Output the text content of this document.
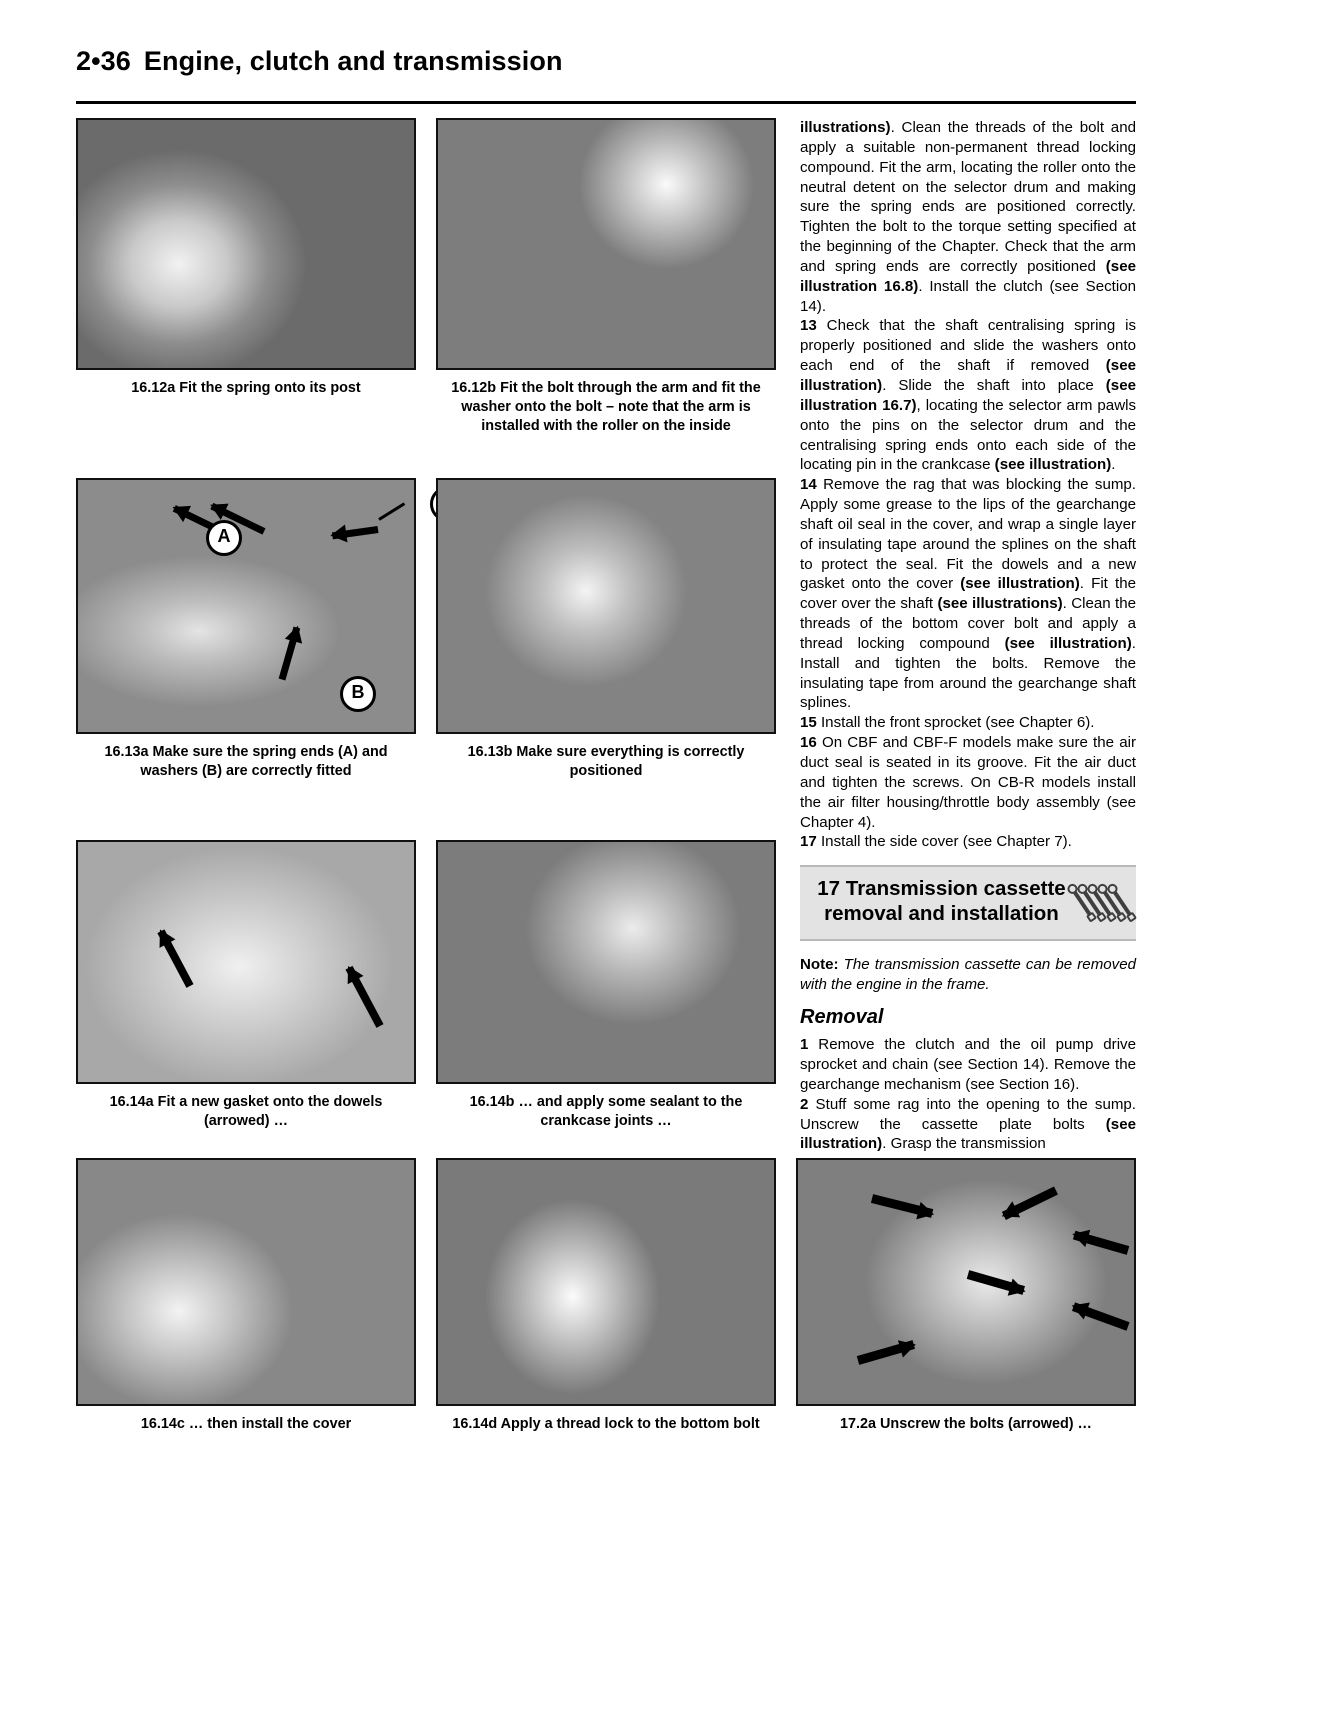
2•36 Engine, clutch and transmission
16.12a Fit the spring onto its post	16.12b Fit the bolt through the arm and fit the washer onto the bolt – note that the arm is installed with the roller on the inside
A
B
16.13a Make sure the spring ends (A) and washers (B) are correctly fitted
16.13b Make sure everything is correctly positioned
16.14a Fit a new gasket onto the dowels (arrowed) …
16.14b … and apply some sealant to the crankcase joints …
16.14c … then install the cover	16.14d Apply a thread lock to the bottom bolt	17.2a Unscrew the bolts (arrowed) …

illustrations). Clean the threads of the bolt and apply a suitable non-permanent thread locking compound. Fit the arm, locating the roller onto the neutral detent on the selector drum and making sure the spring ends are positioned correctly. Tighten the bolt to the torque setting specified at the beginning of the Chapter. Check that the arm and spring ends are correctly positioned (see illustration 16.8). Install the clutch (see Section 14).

13 Check that the shaft centralising spring is properly positioned and slide the washers onto each end of the shaft if removed (see illustration). Slide the shaft into place (see illustration 16.7), locating the selector arm pawls onto the pins on the selector drum and the centralising spring ends onto each side of the locating pin in the crankcase (see illustration).

14 Remove the rag that was blocking the sump. Apply some grease to the lips of the gearchange shaft oil seal in the cover, and wrap a single layer of insulating tape around the splines on the shaft to protect the seal. Fit the dowels and a new gasket onto the cover (see illustration). Fit the cover over the shaft (see illustrations). Clean the threads of the bottom cover bolt and apply a thread locking compound (see illustration). Install and tighten the bolts. Remove the insulating tape from around the gearchange shaft splines.

15 Install the front sprocket (see Chapter 6).

16 On CBF and CBF-F models make sure the air duct seal is seated in its groove. Fit the air duct and tighten the screws. On CB-R models install the air filter housing/throttle body assembly (see Chapter 4).

17 Install the side cover (see Chapter 7).

17 Transmission cassette
removal and installation

Note: The transmission cassette can be removed with the engine in the frame.

Removal

1 Remove the clutch and the oil pump drive sprocket and chain (see Section 14). Remove the gearchange mechanism (see Section 16).

2 Stuff some rag into the opening to the sump. Unscrew the cassette plate bolts (see illustration). Grasp the transmission
